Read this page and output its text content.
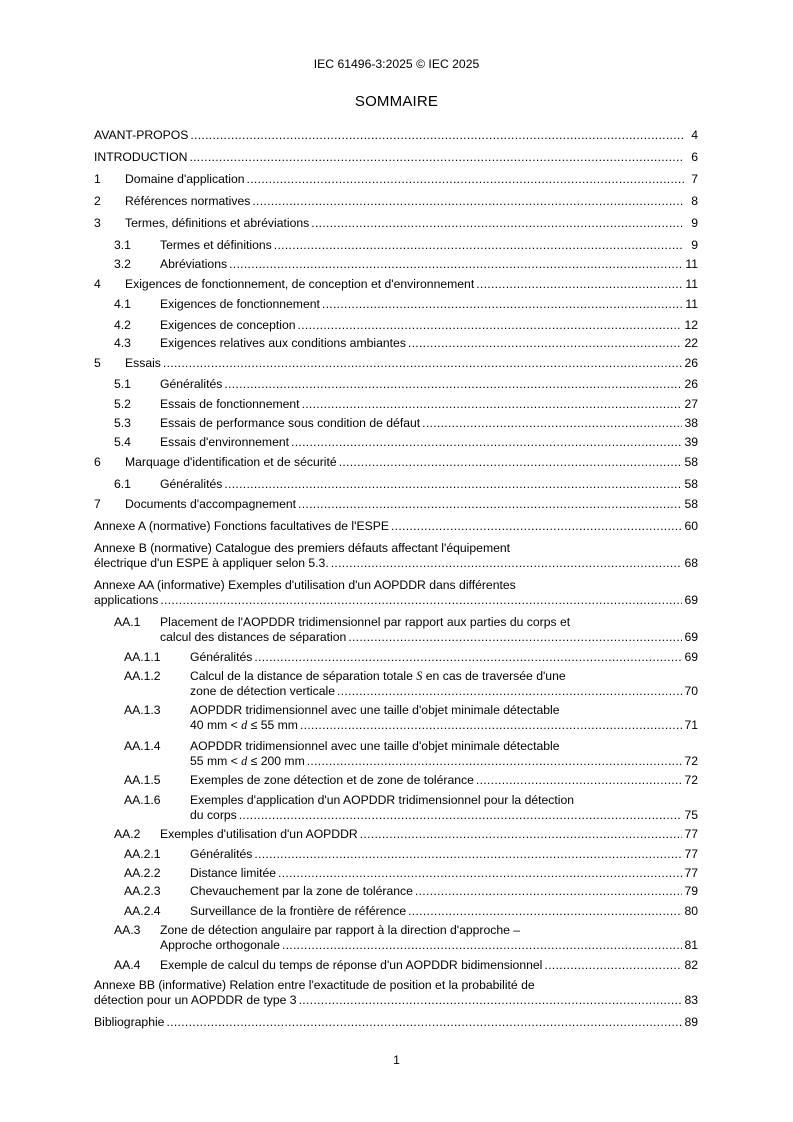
IEC 61496-3:2025 © IEC 2025
SOMMAIRE
AVANT-PROPOS .....	4
INTRODUCTION .....	6
1	Domaine d'application .....	7
2	Références normatives .....	8
3	Termes, définitions et abréviations .....	9
3.1	Termes et définitions .....	9
3.2	Abréviations .....	11
4	Exigences de fonctionnement, de conception et d'environnement .....	11
4.1	Exigences de fonctionnement .....	11
4.2	Exigences de conception .....	12
4.3	Exigences relatives aux conditions ambiantes .....	22
5	Essais .....	26
5.1	Généralités .....	26
5.2	Essais de fonctionnement .....	27
5.3	Essais de performance sous condition de défaut .....	38
5.4	Essais d'environnement .....	39
6	Marquage d'identification et de sécurité .....	58
6.1	Généralités .....	58
7	Documents d'accompagnement .....	58
Annexe A (normative) Fonctions facultatives de l'ESPE .....	60
Annexe B (normative) Catalogue des premiers défauts affectant l'équipement
électrique d'un ESPE à appliquer selon 5.3. .....	68
Annexe AA (informative) Exemples d'utilisation d'un AOPDDR dans différentes
applications .....	69
AA.1	Placement de l'AOPDDR tridimensionnel par rapport aux parties du corps et
calcul des distances de séparation .....	69
AA.1.1	Généralités .....	69
AA.1.2	Calcul de la distance de séparation totale S en cas de traversée d'une
zone de détection verticale .....	70
AA.1.3	AOPDDR tridimensionnel avec une taille d'objet minimale détectable
40 mm < d ≤ 55 mm .....	71
AA.1.4	AOPDDR tridimensionnel avec une taille d'objet minimale détectable
55 mm < d ≤ 200 mm .....	72
AA.1.5	Exemples de zone détection et de zone de tolérance .....	72
AA.1.6	Exemples d'application d'un AOPDDR tridimensionnel pour la détection
du corps .....	75
AA.2	Exemples d'utilisation d'un AOPDDR .....	77
AA.2.1	Généralités .....	77
AA.2.2	Distance limitée .....	77
AA.2.3	Chevauchement par la zone de tolérance .....	79
AA.2.4	Surveillance de la frontière de référence .....	80
AA.3	Zone de détection angulaire par rapport à la direction d'approche –
Approche orthogonale .....	81
AA.4	Exemple de calcul du temps de réponse d'un AOPDDR bidimensionnel .....	82
Annexe BB (informative) Relation entre l'exactitude de position et la probabilité de
détection pour un AOPDDR de type 3 .....	83
Bibliographie .....	89
1
